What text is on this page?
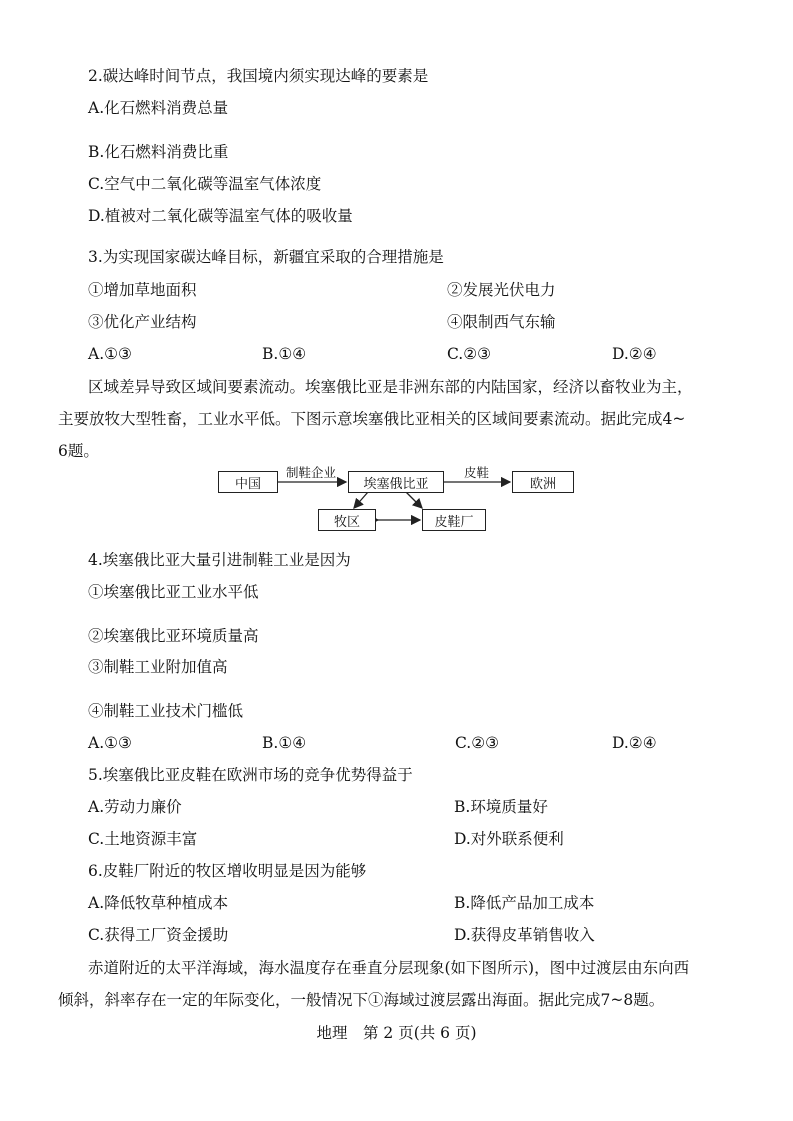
2.碳达峰时间节点，我国境内须实现达峰的要素是
A.化石燃料消费总量
B.化石燃料消费比重
C.空气中二氧化碳等温室气体浓度
D.植被对二氧化碳等温室气体的吸收量
3.为实现国家碳达峰目标，新疆宜采取的合理措施是
①增加草地面积	②发展光伏电力
③优化产业结构	④限制西气东输
A.①③	B.①④	C.②③	D.②④
区域差异导致区域间要素流动。埃塞俄比亚是非洲东部的内陆国家，经济以畜牧业为主，
主要放牧大型牲畜，工业水平低。下图示意埃塞俄比亚相关的区域间要素流动。据此完成4~
6题。
中国
制鞋企业
埃塞俄比亚
皮鞋
欧洲
牧区	皮鞋厂
4.埃塞俄比亚大量引进制鞋工业是因为
①埃塞俄比亚工业水平低
②埃塞俄比亚环境质量高
③制鞋工业附加值高
④制鞋工业技术门槛低
A.①③	B.①④	C.②③	D.②④
5.埃塞俄比亚皮鞋在欧洲市场的竞争优势得益于
A.劳动力廉价	B.环境质量好
C.土地资源丰富	D.对外联系便利
6.皮鞋厂附近的牧区增收明显是因为能够
A.降低牧草种植成本	B.降低产品加工成本
C.获得工厂资金援助	D.获得皮革销售收入
赤道附近的太平洋海域，海水温度存在垂直分层现象(如下图所示)，图中过渡层由东向西
倾斜，斜率存在一定的年际变化，一般情况下①海域过渡层露出海面。据此完成7~8题。
地理　第 2 页(共 6 页)
